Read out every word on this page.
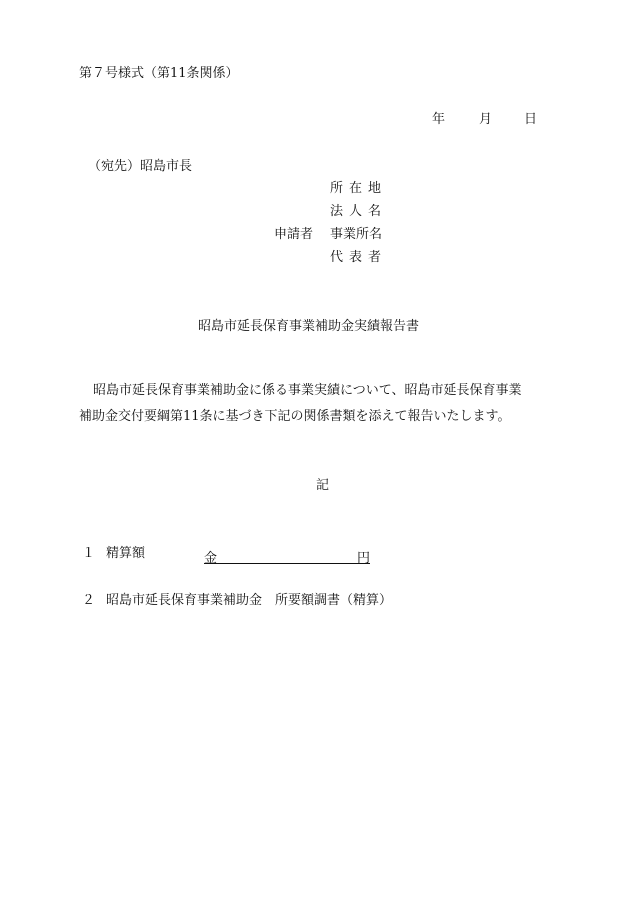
第７号様式（第11条関係）
年	月 日
（宛先）昭島市長
所在地
法人名
申請者 事業所名
代表者
昭島市延長保育事業補助金実績報告書
昭島市延長保育事業補助金に係る事業実績について、昭島市延長保育事業
補助金交付要綱第11条に基づき下記の関係書類を添えて報告いたします。
記
１ 精算額	金	円
２ 昭島市延長保育事業補助金　所要額調書（精算）
